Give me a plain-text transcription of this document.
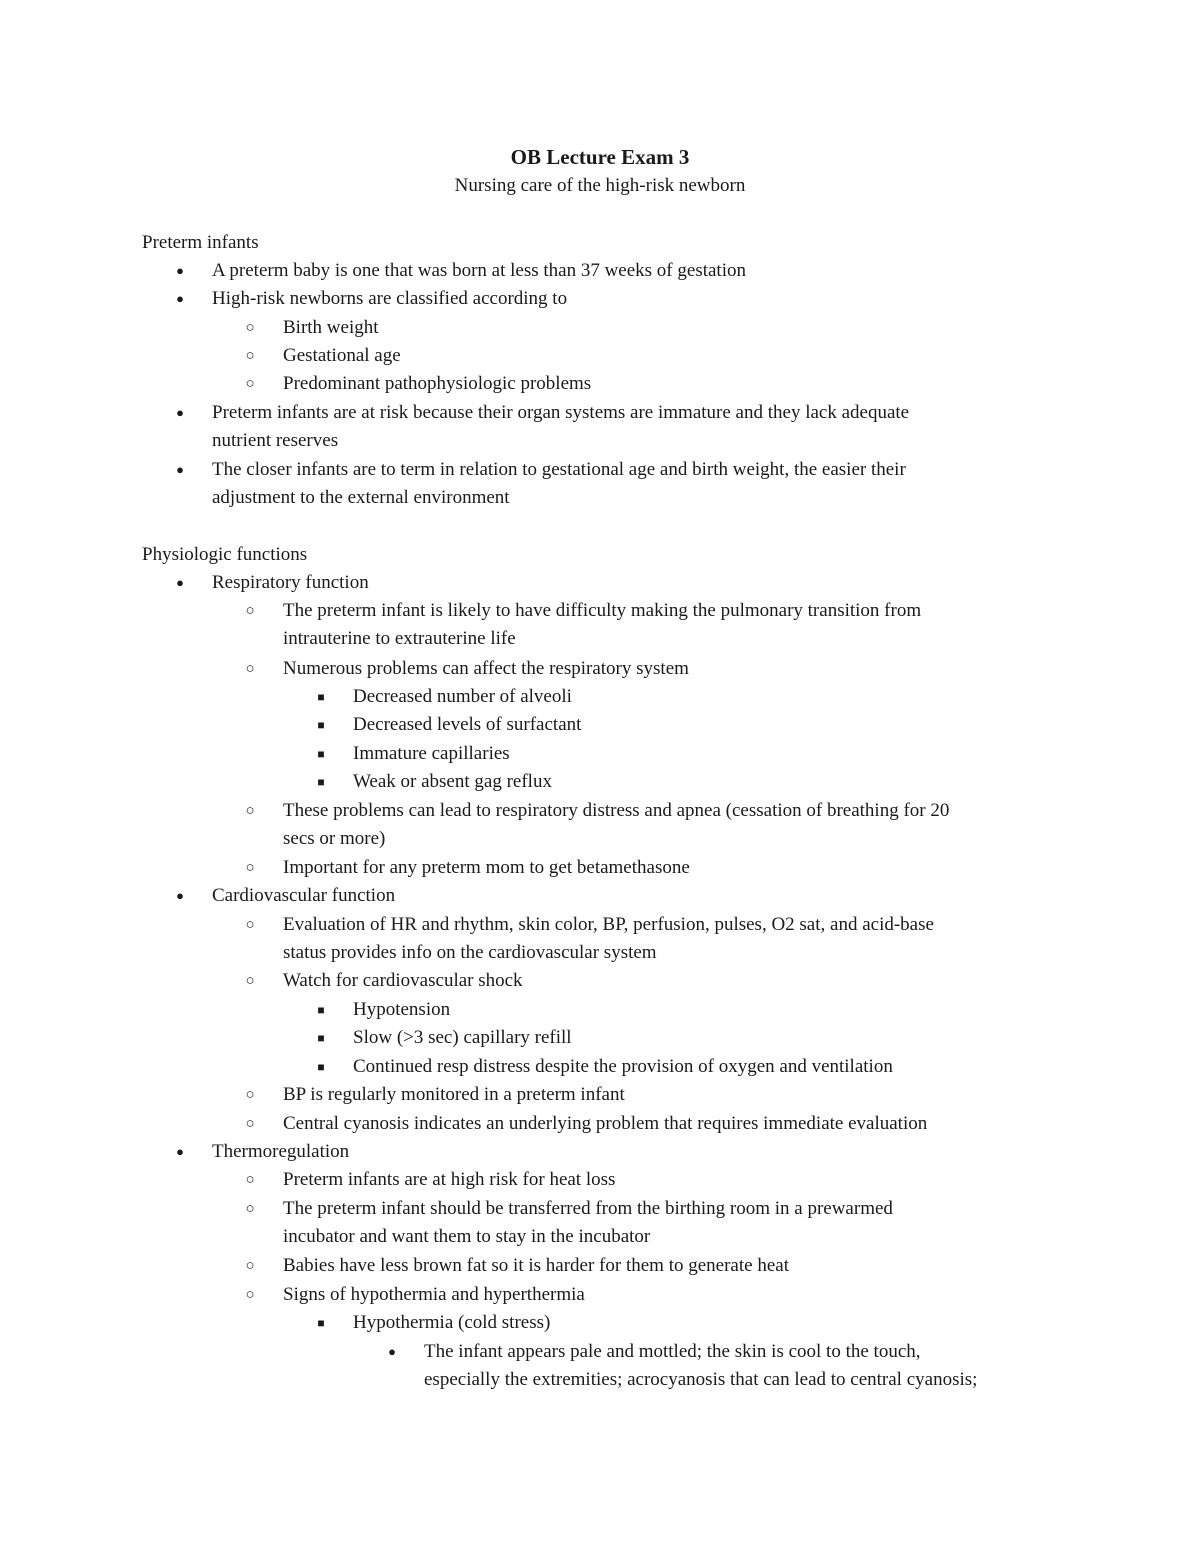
OB Lecture Exam 3
Nursing care of the high-risk newborn
Preterm infants
● A preterm baby is one that was born at less than 37 weeks of gestation
● High-risk newborns are classified according to
○ Birth weight
○ Gestational age
○ Predominant pathophysiologic problems
● Preterm infants are at risk because their organ systems are immature and they lack adequate
nutrient reserves
● The closer infants are to term in relation to gestational age and birth weight, the easier their
adjustment to the external environment
Physiologic functions
● Respiratory function
○ The preterm infant is likely to have difficulty making the pulmonary transition from
intrauterine to extrauterine life
○ Numerous problems can affect the respiratory system
■ Decreased number of alveoli
■ Decreased levels of surfactant
■ Immature capillaries
■ Weak or absent gag reflux
○ These problems can lead to respiratory distress and apnea (cessation of breathing for 20
secs or more)
○ Important for any preterm mom to get betamethasone
● Cardiovascular function
○ Evaluation of HR and rhythm, skin color, BP, perfusion, pulses, O2 sat, and acid-base
status provides info on the cardiovascular system
○ Watch for cardiovascular shock
■ Hypotension
■ Slow (>3 sec) capillary refill
■ Continued resp distress despite the provision of oxygen and ventilation
○ BP is regularly monitored in a preterm infant
○ Central cyanosis indicates an underlying problem that requires immediate evaluation
● Thermoregulation
○ Preterm infants are at high risk for heat loss
○ The preterm infant should be transferred from the birthing room in a prewarmed
incubator and want them to stay in the incubator
○ Babies have less brown fat so it is harder for them to generate heat
○ Signs of hypothermia and hyperthermia
■ Hypothermia (cold stress)
● The infant appears pale and mottled; the skin is cool to the touch,
especially the extremities; acrocyanosis that can lead to central cyanosis;
